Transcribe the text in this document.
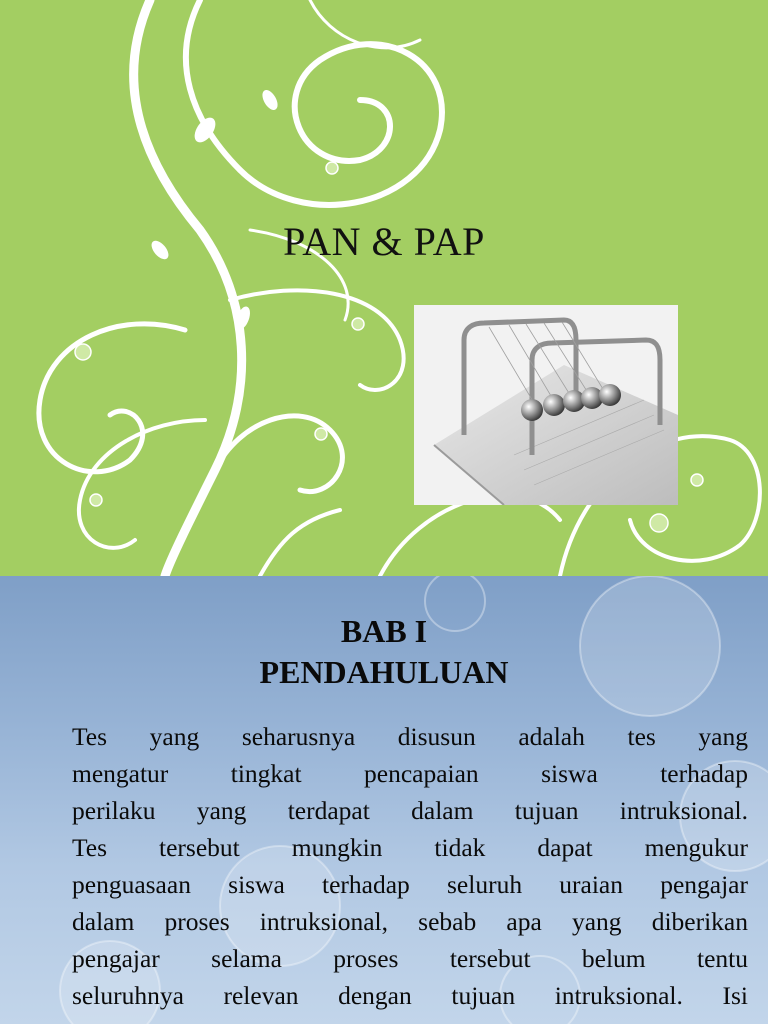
PAN & PAP
BAB I
PENDAHULUAN
Tes yang seharusnya disusun adalah tes yang
mengatur tingkat pencapaian siswa terhadap
perilaku yang terdapat dalam tujuan intruksional.
Tes tersebut mungkin tidak dapat mengukur
penguasaan siswa terhadap seluruh uraian pengajar
dalam proses intruksional, sebab apa yang diberikan
pengajar selama proses tersebut belum tentu
seluruhnya relevan dengan tujuan intruksional. Isi
